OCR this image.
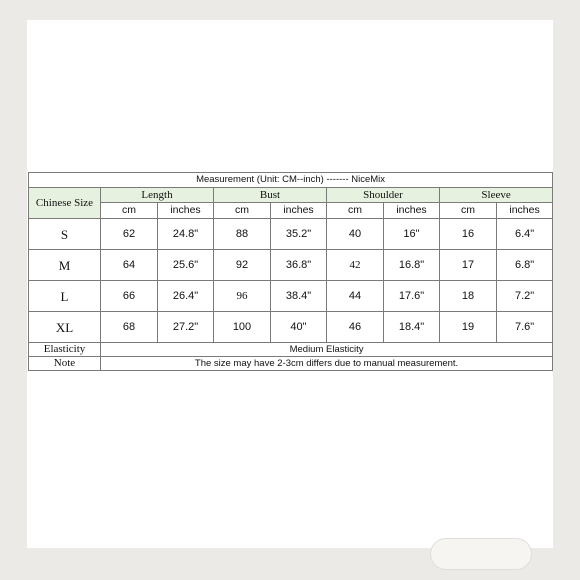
Measurement (Unit: CM--inch) ------- NiceMix								
Chinese Size	Length		Bust		Shoulder		Sleeve	
	cm	inches	cm	inches	cm	inches	cm	inches
S	62	24.8"	88	35.2"	40	16"	16	6.4"
M	64	25.6"	92	36.8"	42	16.8"	17	6.8"
L	66	26.4"	96	38.4"	44	17.6"	18	7.2"
XL	68	27.2"	100	40"	46	18.4"	19	7.6"
Elasticity	Medium Elasticity							
Note	The size may have 2-3cm differs due to manual measurement.							
